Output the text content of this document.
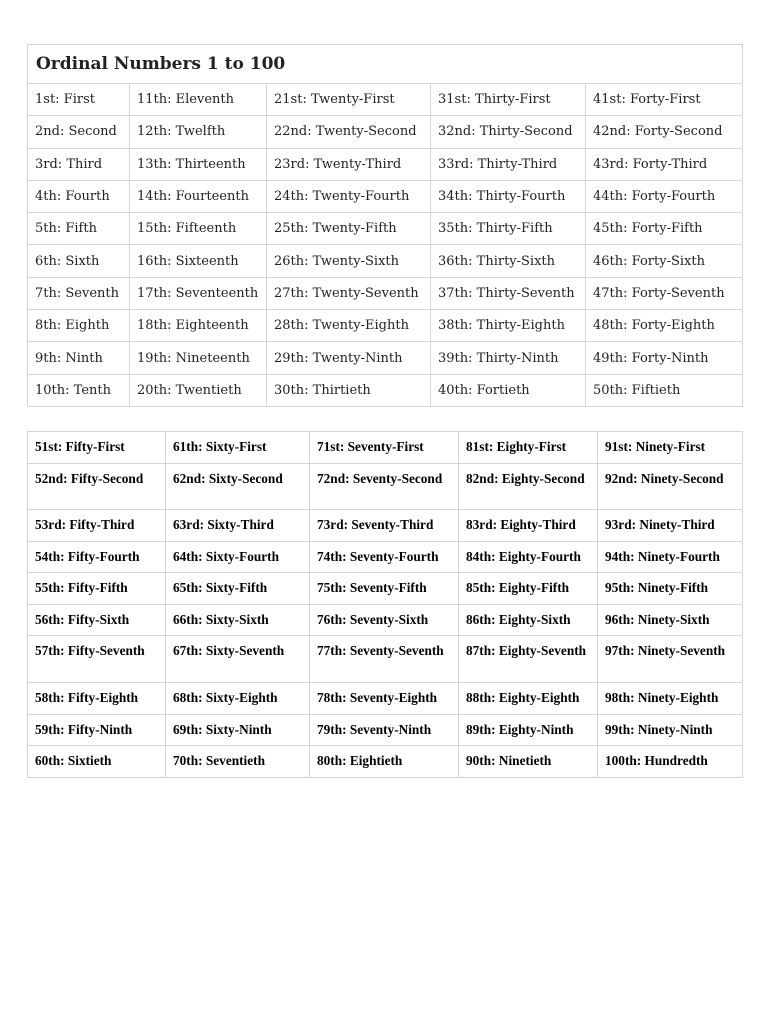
Ordinal Numbers 1 to 100				
1st: First	11th: Eleventh	21st: Twenty-First	31st: Thirty-First	41st: Forty-First
2nd: Second	12th: Twelfth	22nd: Twenty-Second	32nd: Thirty-Second	42nd: Forty-Second
3rd: Third	13th: Thirteenth	23rd: Twenty-Third	33rd: Thirty-Third	43rd: Forty-Third
4th: Fourth	14th: Fourteenth	24th: Twenty-Fourth	34th: Thirty-Fourth	44th: Forty-Fourth
5th: Fifth	15th: Fifteenth	25th: Twenty-Fifth	35th: Thirty-Fifth	45th: Forty-Fifth
6th: Sixth	16th: Sixteenth	26th: Twenty-Sixth	36th: Thirty-Sixth	46th: Forty-Sixth
7th: Seventh	17th: Seventeenth	27th: Twenty-Seventh	37th: Thirty-Seventh	47th: Forty-Seventh
8th: Eighth	18th: Eighteenth	28th: Twenty-Eighth	38th: Thirty-Eighth	48th: Forty-Eighth
9th: Ninth	19th: Nineteenth	29th: Twenty-Ninth	39th: Thirty-Ninth	49th: Forty-Ninth
10th: Tenth	20th: Twentieth	30th: Thirtieth	40th: Fortieth	50th: Fiftieth
51st: Fifty-First	61th: Sixty-First	71st: Seventy-First	81st: Eighty-First	91st: Ninety-First
52nd: Fifty-Second	62nd: Sixty-Second	72nd: Seventy-Second	82nd: Eighty-Second	92nd: Ninety-Second
53rd: Fifty-Third	63rd: Sixty-Third	73rd: Seventy-Third	83rd: Eighty-Third	93rd: Ninety-Third
54th: Fifty-Fourth	64th: Sixty-Fourth	74th: Seventy-Fourth	84th: Eighty-Fourth	94th: Ninety-Fourth
55th: Fifty-Fifth	65th: Sixty-Fifth	75th: Seventy-Fifth	85th: Eighty-Fifth	95th: Ninety-Fifth
56th: Fifty-Sixth	66th: Sixty-Sixth	76th: Seventy-Sixth	86th: Eighty-Sixth	96th: Ninety-Sixth
57th: Fifty-Seventh	67th: Sixty-Seventh	77th: Seventy-Seventh	87th: Eighty-Seventh	97th: Ninety-Seventh
58th: Fifty-Eighth	68th: Sixty-Eighth	78th: Seventy-Eighth	88th: Eighty-Eighth	98th: Ninety-Eighth
59th: Fifty-Ninth	69th: Sixty-Ninth	79th: Seventy-Ninth	89th: Eighty-Ninth	99th: Ninety-Ninth
60th: Sixtieth	70th: Seventieth	80th: Eightieth	90th: Ninetieth	100th: Hundredth
